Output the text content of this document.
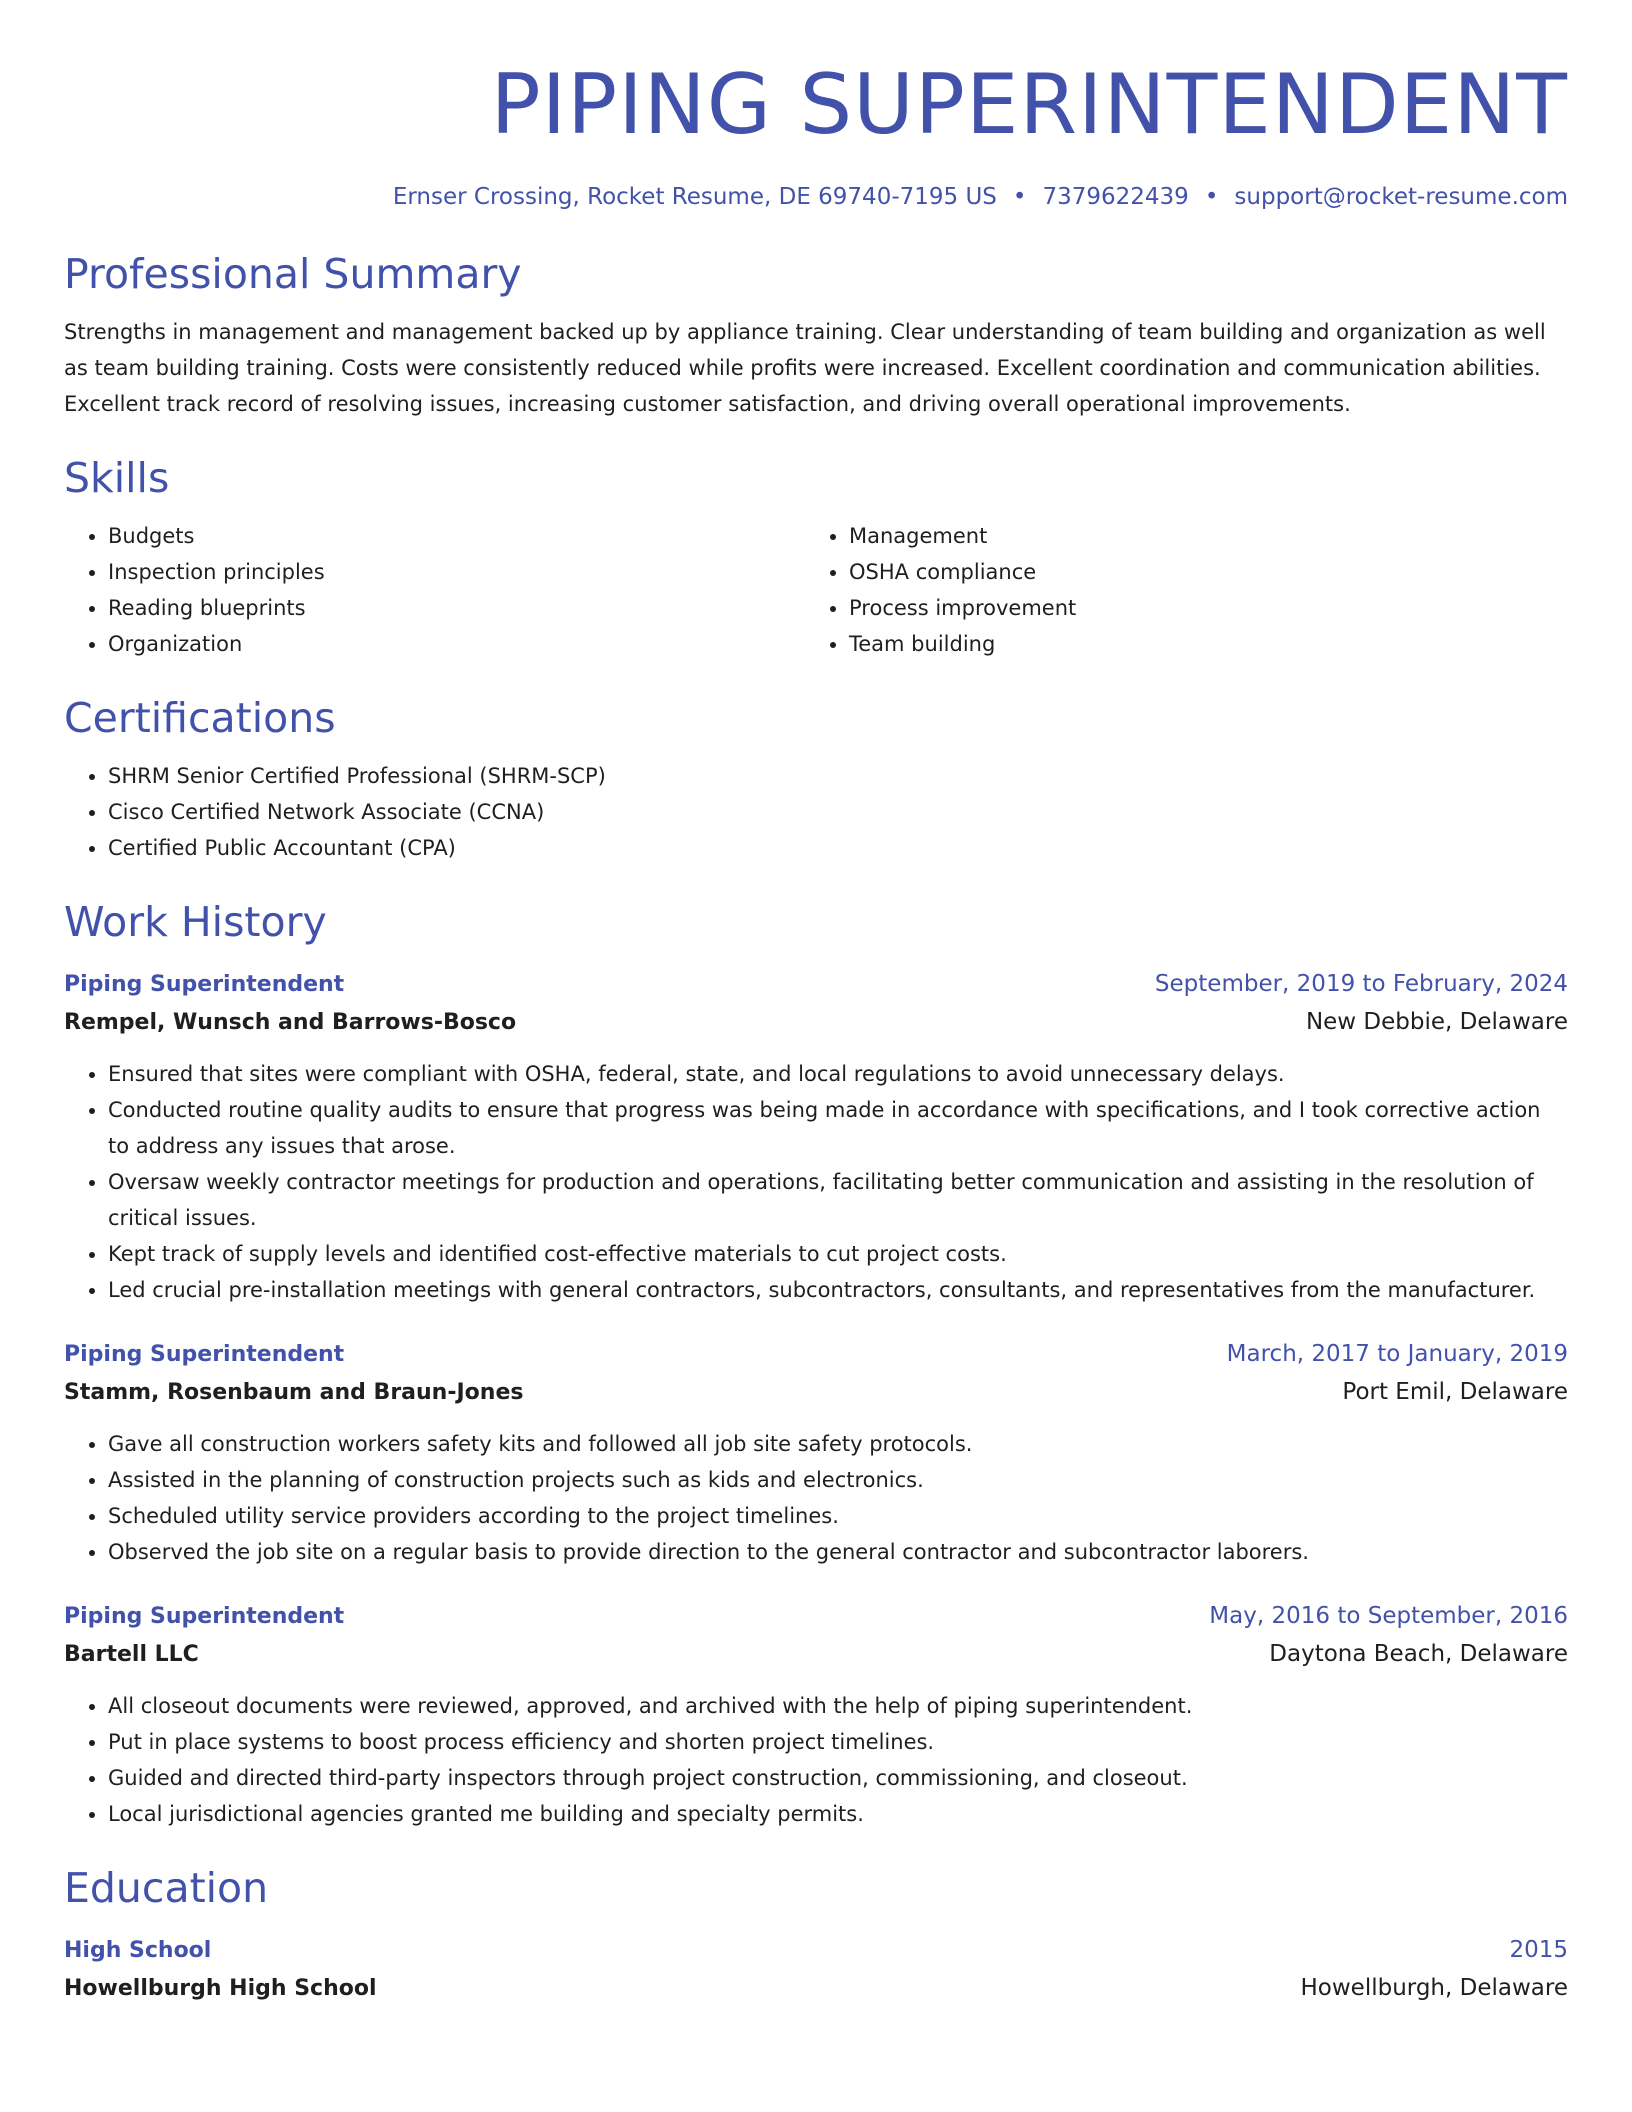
PIPING SUPERINTENDENT
Ernser Crossing, Rocket Resume, DE 69740-7195 US • 7379622439 • support@rocket-resume.com
Professional Summary
Strengths in management and management backed up by appliance training. Clear understanding of team building and organization as well as team building training. Costs were consistently reduced while profits were increased. Excellent coordination and communication abilities. Excellent track record of resolving issues, increasing customer satisfaction, and driving overall operational improvements.
Skills
• Budgets
• Inspection principles
• Reading blueprints
• Organization
• Management
• OSHA compliance
• Process improvement
• Team building
Certifications
• SHRM Senior Certified Professional (SHRM-SCP)
• Cisco Certified Network Associate (CCNA)
• Certified Public Accountant (CPA)
Work History
Piping Superintendent	September, 2019 to February, 2024
Rempel, Wunsch and Barrows-Bosco	New Debbie, Delaware
• Ensured that sites were compliant with OSHA, federal, state, and local regulations to avoid unnecessary delays.
• Conducted routine quality audits to ensure that progress was being made in accordance with specifications, and I took corrective action to address any issues that arose.
• Oversaw weekly contractor meetings for production and operations, facilitating better communication and assisting in the resolution of critical issues.
• Kept track of supply levels and identified cost-effective materials to cut project costs.
• Led crucial pre-installation meetings with general contractors, subcontractors, consultants, and representatives from the manufacturer.
Piping Superintendent	March, 2017 to January, 2019
Stamm, Rosenbaum and Braun-Jones	Port Emil, Delaware
• Gave all construction workers safety kits and followed all job site safety protocols.
• Assisted in the planning of construction projects such as kids and electronics.
• Scheduled utility service providers according to the project timelines.
• Observed the job site on a regular basis to provide direction to the general contractor and subcontractor laborers.
Piping Superintendent	May, 2016 to September, 2016
Bartell LLC	Daytona Beach, Delaware
• All closeout documents were reviewed, approved, and archived with the help of piping superintendent.
• Put in place systems to boost process efficiency and shorten project timelines.
• Guided and directed third-party inspectors through project construction, commissioning, and closeout.
• Local jurisdictional agencies granted me building and specialty permits.
Education
High School	2015
Howellburgh High School	Howellburgh, Delaware
